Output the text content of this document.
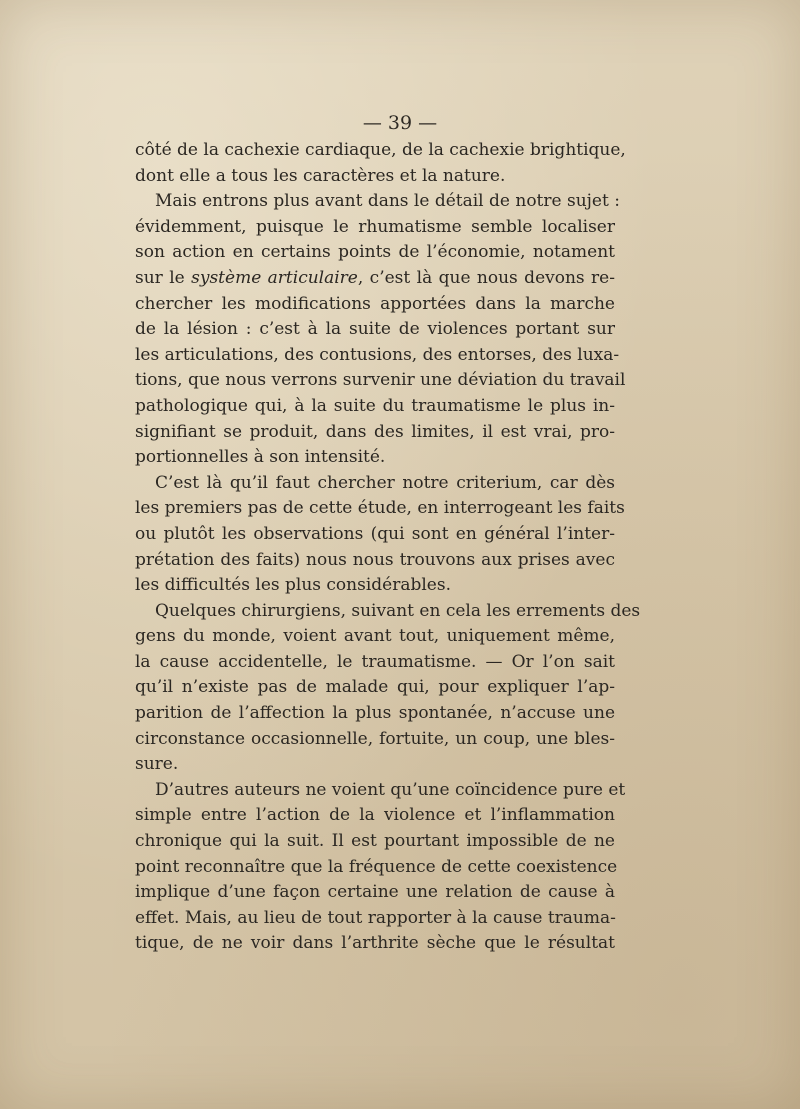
— 39 —
côté de la cachexie cardiaque, de la cachexie brightique,
dont elle a tous les caractères et la nature.
Mais entrons plus avant dans le détail de notre sujet :
évidemment, puisque le rhumatisme semble localiser
son action en certains points de l’économie, notament
sur le système articulaire, c’est là que nous devons re-
chercher les modifications apportées dans la marche
de la lésion : c’est à la suite de violences portant sur
les articulations, des contusions, des entorses, des luxa-
tions, que nous verrons survenir une déviation du travail
pathologique qui, à la suite du traumatisme le plus in-
signifiant se produit, dans des limites, il est vrai, pro-
portionnelles à son intensité.
C’est là qu’il faut chercher notre criterium, car dès
les premiers pas de cette étude, en interrogeant les faits
ou plutôt les observations (qui sont en général l’inter-
prétation des faits) nous nous trouvons aux prises avec
les difficultés les plus considérables.
Quelques chirurgiens, suivant en cela les errements des
gens du monde, voient avant tout, uniquement même,
la cause accidentelle, le traumatisme. — Or l’on sait
qu’il n’existe pas de malade qui, pour expliquer l’ap-
parition de l’affection la plus spontanée, n’accuse une
circonstance occasionnelle, fortuite, un coup, une bles-
sure.
D’autres auteurs ne voient qu’une coïncidence pure et
simple entre l’action de la violence et l’inflammation
chronique qui la suit. Il est pourtant impossible de ne
point reconnaître que la fréquence de cette coexistence
implique d’une façon certaine une relation de cause à
effet. Mais, au lieu de tout rapporter à la cause trauma-
tique, de ne voir dans l’arthrite sèche que le résultat
